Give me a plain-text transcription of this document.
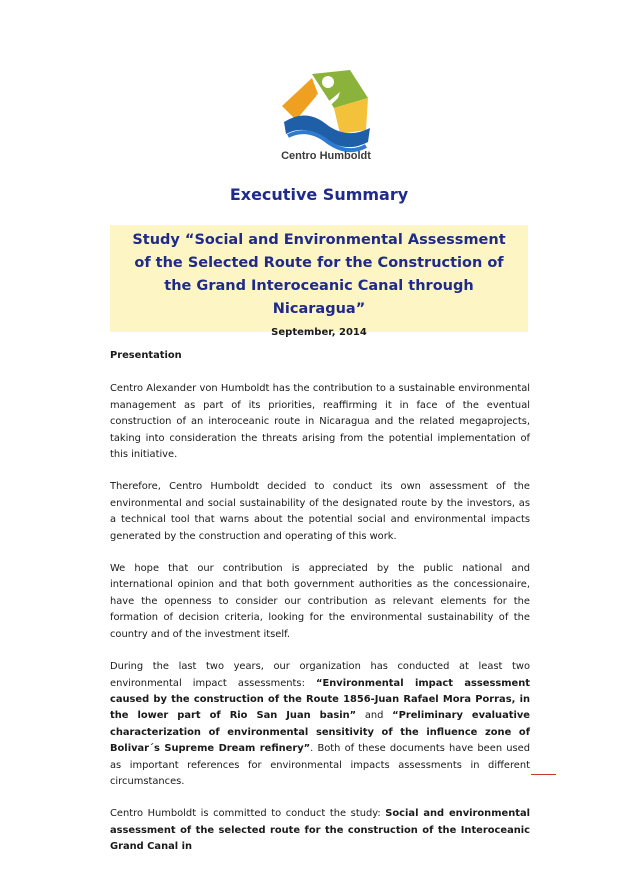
Centro Humboldt
Executive Summary

Study “Social and Environmental Assessment of the Selected Route for the Construction of the Grand Interoceanic Canal through Nicaragua”

September, 2014

Presentation

Centro Alexander von Humboldt has the contribution to a sustainable environmental management as part of its priorities, reaffirming it in face of the eventual construction of an interoceanic route in Nicaragua and the related megaprojects, taking into consideration the threats arising from the potential implementation of this initiative.

Therefore, Centro Humboldt decided to conduct its own assessment of the environmental and social sustainability of the designated route by the investors, as a technical tool that warns about the potential social and environmental impacts generated by the construction and operating of this work.

We hope that our contribution is appreciated by the public national and international opinion and that both government authorities as the concessionaire, have the openness to consider our contribution as relevant elements for the formation of decision criteria, looking for the environmental sustainability of the country and of the investment itself.

During the last two years, our organization has conducted at least two environmental impact assessments: “Environmental impact assessment caused by the construction of the Route 1856-Juan Rafael Mora Porras, in the lower part of Rio San Juan basin” and “Preliminary evaluative characterization of environmental sensitivity of the influence zone of Bolivar´s Supreme Dream refinery”. Both of these documents have been used as important references for environmental impacts assessments in different circumstances.

Centro Humboldt is committed to conduct the study: Social and environmental assessment of the selected route for the construction of the Interoceanic Grand Canal in
